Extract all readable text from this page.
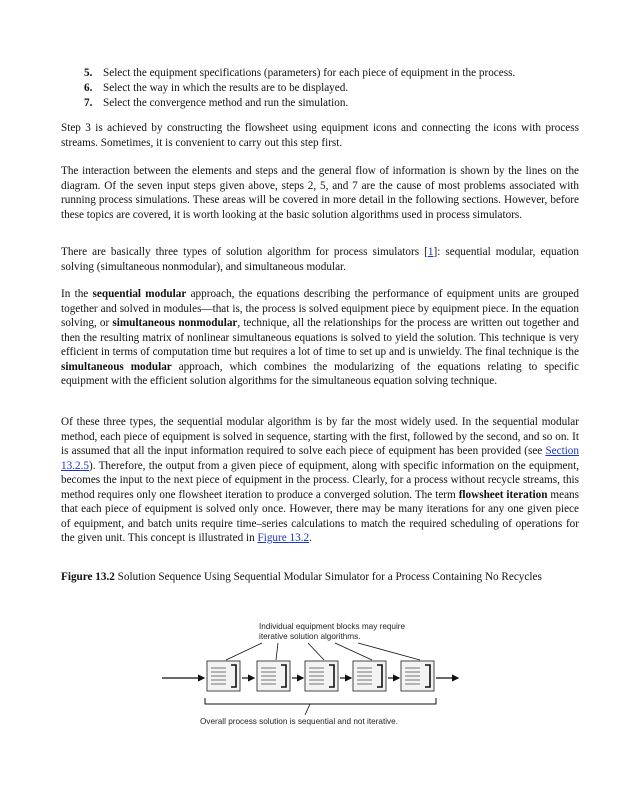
5. Select the equipment specifications (parameters) for each piece of equipment in the process.
6. Select the way in which the results are to be displayed.
7. Select the convergence method and run the simulation.

Step 3 is achieved by constructing the flowsheet using equipment icons and connecting the icons with process streams. Sometimes, it is convenient to carry out this step first.

The interaction between the elements and steps and the general flow of information is shown by the lines on the diagram. Of the seven input steps given above, steps 2, 5, and 7 are the cause of most problems associated with running process simulations. These areas will be covered in more detail in the following sections. However, before these topics are covered, it is worth looking at the basic solution algorithms used in process simulators.

There are basically three types of solution algorithm for process simulators [1]: sequential modular, equation solving (simultaneous nonmodular), and simultaneous modular.

In the sequential modular approach, the equations describing the performance of equipment units are grouped together and solved in modules—that is, the process is solved equipment piece by equipment piece. In the equation solving, or simultaneous nonmodular, technique, all the relationships for the process are written out together and then the resulting matrix of nonlinear simultaneous equations is solved to yield the solution. This technique is very efficient in terms of computation time but requires a lot of time to set up and is unwieldy. The final technique is the simultaneous modular approach, which combines the modularizing of the equations relating to specific equipment with the efficient solution algorithms for the simultaneous equation solving technique.

Of these three types, the sequential modular algorithm is by far the most widely used. In the sequential modular method, each piece of equipment is solved in sequence, starting with the first, followed by the second, and so on. It is assumed that all the input information required to solve each piece of equipment has been provided (see Section 13.2.5). Therefore, the output from a given piece of equipment, along with specific information on the equipment, becomes the input to the next piece of equipment in the process. Clearly, for a process without recycle streams, this method requires only one flowsheet iteration to produce a converged solution. The term flowsheet iteration means that each piece of equipment is solved only once. However, there may be many iterations for any one given piece of equipment, and batch units require time–series calculations to match the required scheduling of operations for the given unit. This concept is illustrated in Figure 13.2.

Figure 13.2 Solution Sequence Using Sequential Modular Simulator for a Process Containing No Recycles

Individual equipment blocks may require
iterative solution algorithms.
Overall process solution is sequential and not iterative.
